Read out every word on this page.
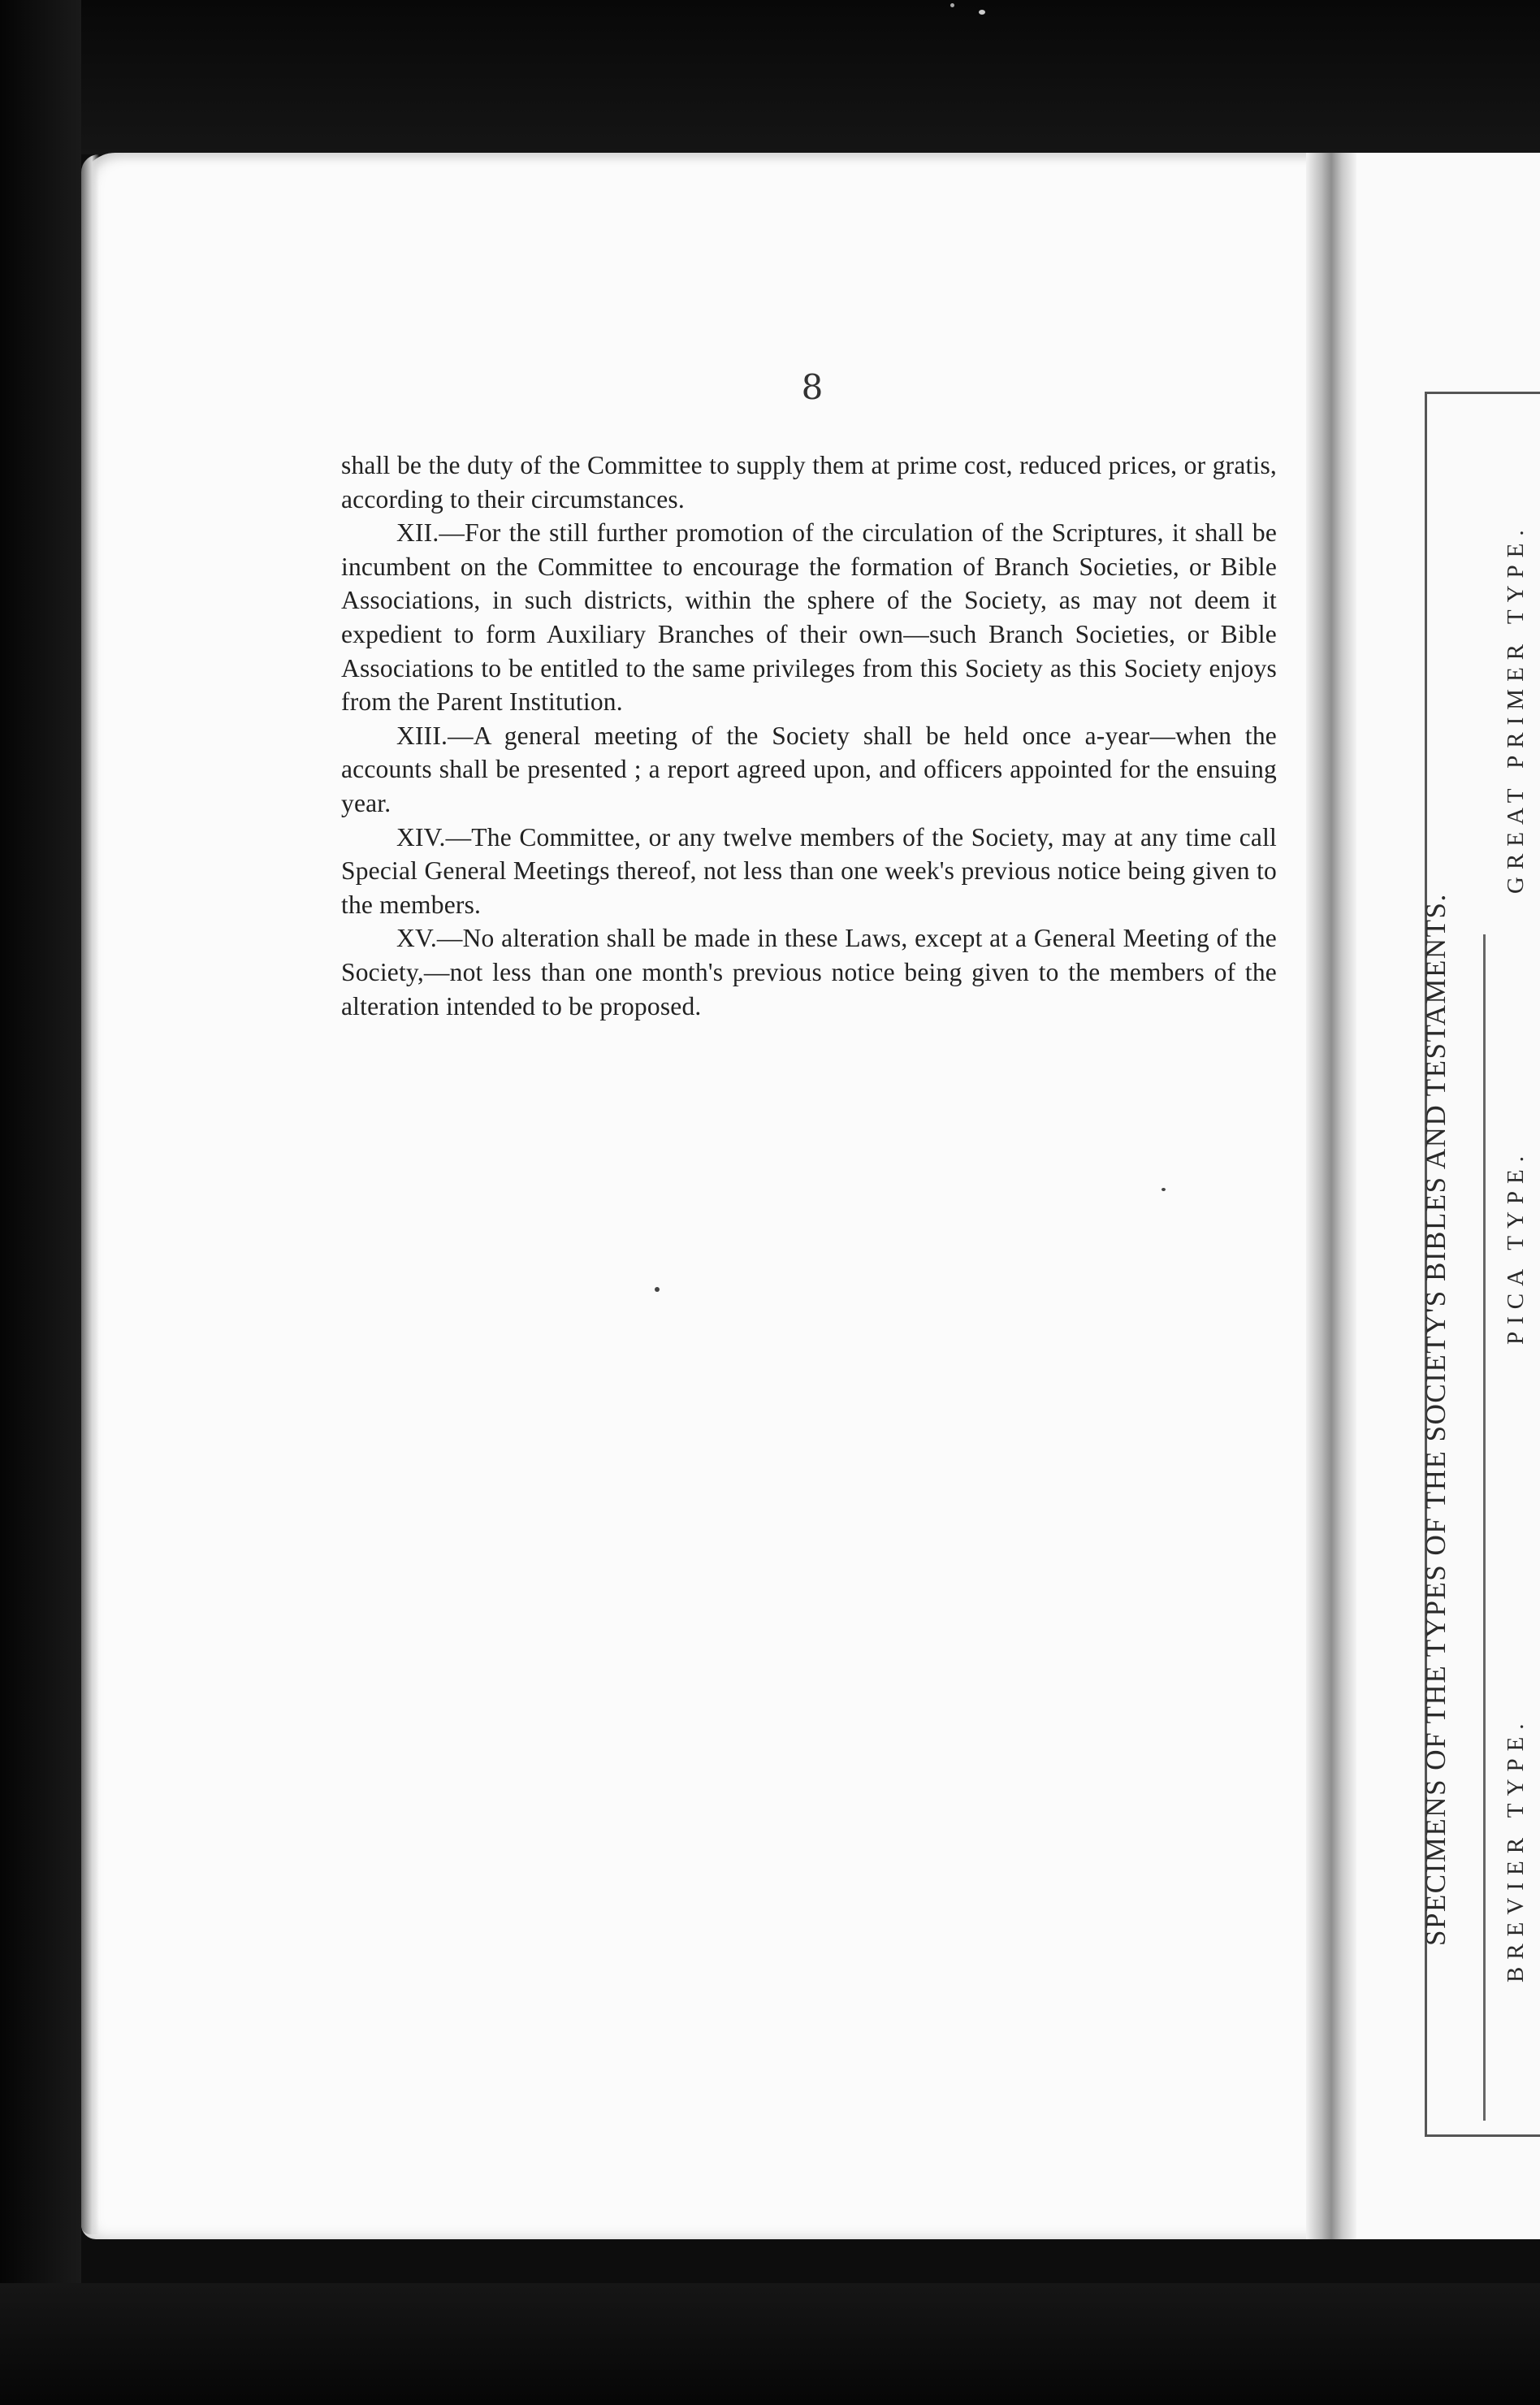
8

shall be the duty of the Committee to supply them at prime cost, reduced prices, or gratis, according to their circumstances.

XII.—For the still further promotion of the circulation of the Scriptures, it shall be incumbent on the Committee to encourage the formation of Branch Societies, or Bible Associations, in such districts, within the sphere of the Society, as may not deem it expedient to form Auxiliary Branches of their own—such Branch Societies, or Bible Associations to be entitled to the same privileges from this Society as this Society enjoys from the Parent Institution.

XIII.—A general meeting of the Society shall be held once a-year—when the accounts shall be presented ; a report agreed upon, and officers appointed for the ensuing year.

XIV.—The Committee, or any twelve members of the Society, may at any time call Special General Meetings thereof, not less than one week's previous notice being given to the members.

XV.—No alteration shall be made in these Laws, except at a General Meeting of the Society,—not less than one month's previous notice being given to the members of the alteration intended to be proposed.	SPECIMENS OF THE TYPES OF THE SOCIETY'S BIBLES AND TESTAMENTS.
GREAT PRIMER TYPE.
PICA TYPE.
BREVIER TYPE.
